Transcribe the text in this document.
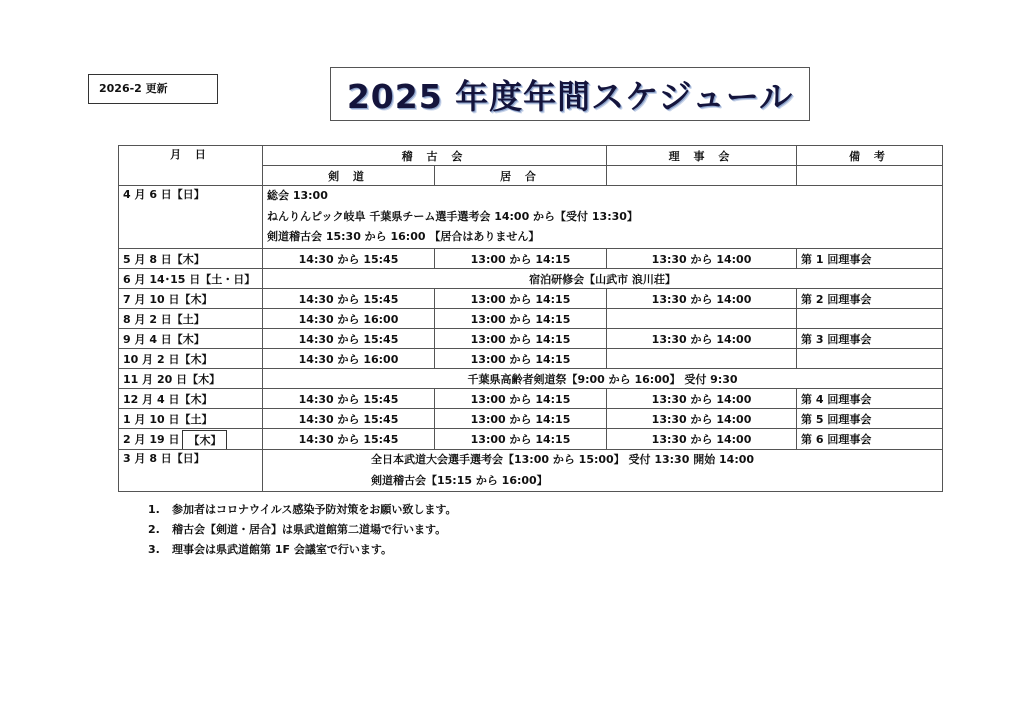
2026-2 更新	2025 年度年間スケジュール
月 日	稽 古 会		理 事 会	備 考
	剣 道	居 合		
4 月 6 日【日】	総会 13:00
ねんりんピック岐阜 千葉県チーム選手選考会 14:00 から【受付 13:30】
剣道稽古会 15:30 から 16:00 【居合はありません】			

5 月 8 日【木】	14:30 から 15:45	13:00 から 14:15	13:30 から 14:00	第 1 回理事会
6 月 14･15 日【土・日】	宿泊研修会【山武市 浪川荘】			
7 月 10 日【木】	14:30 から 15:45	13:00 から 14:15	13:30 から 14:00	第 2 回理事会
8 月 2 日【土】	14:30 から 16:00	13:00 から 14:15		
9 月 4 日【木】	14:30 から 15:45	13:00 から 14:15	13:30 から 14:00	第 3 回理事会
10 月 2 日【木】	14:30 から 16:00	13:00 から 14:15		
11 月 20 日【木】	千葉県高齢者剣道祭【9:00 から 16:00】 受付 9:30			
12 月 4 日【木】	14:30 から 15:45	13:00 から 14:15	13:30 から 14:00	第 4 回理事会
1 月 10 日【土】	14:30 から 15:45	13:00 から 14:15	13:30 から 14:00	第 5 回理事会
2 月 19 日 【木】	14:30 から 15:45	13:00 から 14:15	13:30 から 14:00	第 6 回理事会
3 月 8 日【日】	全日本武道大会選手選考会【13:00 から 15:00】 受付 13:30 開始 14:00
剣道稽古会【15:15 から 16:00】			
1. 参加者はコロナウイルス感染予防対策をお願い致します。
2. 稽古会【剣道・居合】は県武道館第二道場で行います。
3. 理事会は県武道館第 1F 会議室で行います。
